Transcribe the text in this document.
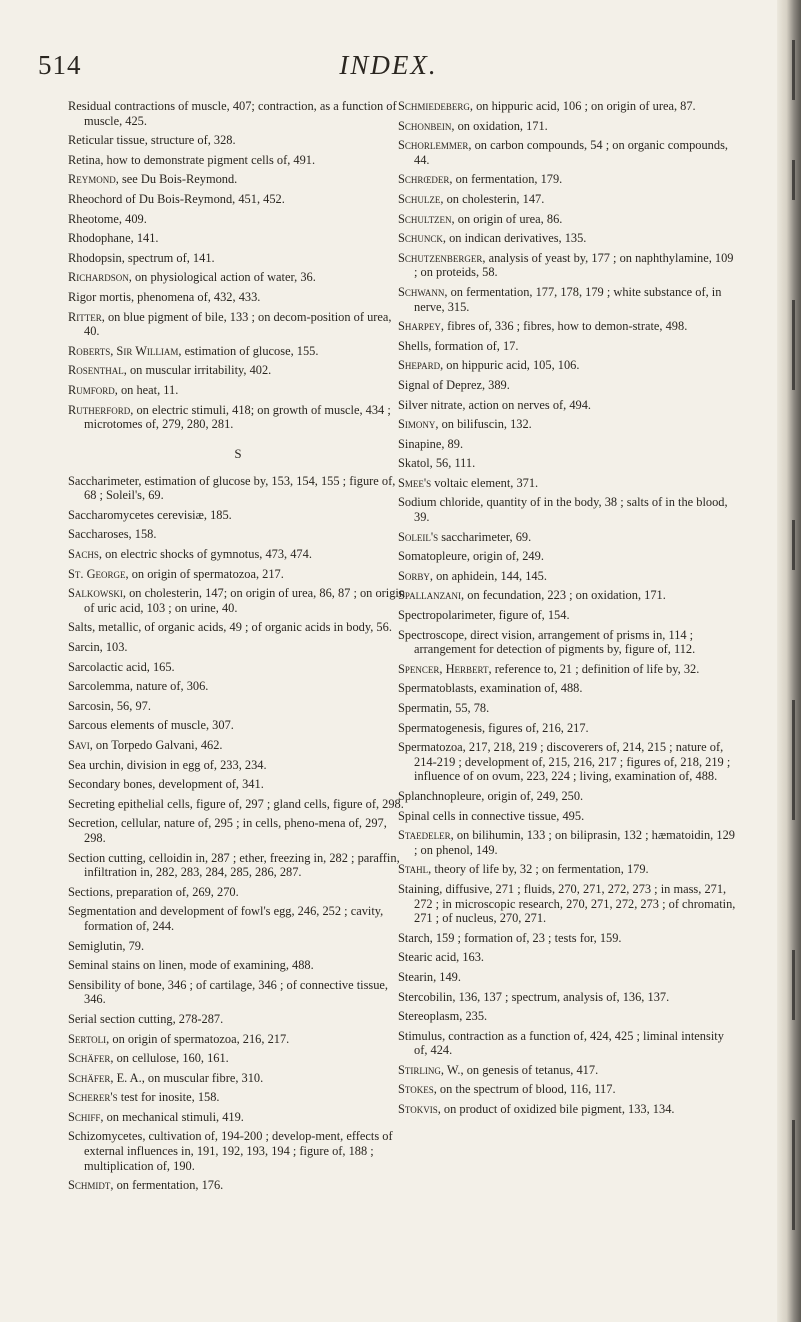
514	INDEX.

Residual contractions of muscle, 407; contraction, as a function of muscle, 425.

Reticular tissue, structure of, 328.

Retina, how to demonstrate pigment cells of, 491.

Reymond, see Du Bois-Reymond.

Rheochord of Du Bois-Reymond, 451, 452.

Rheotome, 409.

Rhodophane, 141.

Rhodopsin, spectrum of, 141.

Richardson, on physiological action of water, 36.

Rigor mortis, phenomena of, 432, 433.

Ritter, on blue pigment of bile, 133 ; on decom-position of urea, 40.

Roberts, Sir William, estimation of glucose, 155.

Rosenthal, on muscular irritability, 402.

Rumford, on heat, 11.

Rutherford, on electric stimuli, 418; on growth of muscle, 434 ; microtomes of, 279, 280, 281.

S

Saccharimeter, estimation of glucose by, 153, 154, 155 ; figure of, 68 ; Soleil's, 69.

Saccharomycetes cerevisiæ, 185.

Saccharoses, 158.

Sachs, on electric shocks of gymnotus, 473, 474.

St. George, on origin of spermatozoa, 217.

Salkowski, on cholesterin, 147; on origin of urea, 86, 87 ; on origin of uric acid, 103 ; on urine, 40.

Salts, metallic, of organic acids, 49 ; of organic acids in body, 56.

Sarcin, 103.

Sarcolactic acid, 165.

Sarcolemma, nature of, 306.

Sarcosin, 56, 97.

Sarcous elements of muscle, 307.

Savi, on Torpedo Galvani, 462.

Sea urchin, division in egg of, 233, 234.

Secondary bones, development of, 341.

Secreting epithelial cells, figure of, 297 ; gland cells, figure of, 298.

Secretion, cellular, nature of, 295 ; in cells, pheno-mena of, 297, 298.

Section cutting, celloidin in, 287 ; ether, freezing in, 282 ; paraffin, infiltration in, 282, 283, 284, 285, 286, 287.

Sections, preparation of, 269, 270.

Segmentation and development of fowl's egg, 246, 252 ; cavity, formation of, 244.

Semiglutin, 79.

Seminal stains on linen, mode of examining, 488.

Sensibility of bone, 346 ; of cartilage, 346 ; of connective tissue, 346.

Serial section cutting, 278-287.

Sertoli, on origin of spermatozoa, 216, 217.

Schäfer, on cellulose, 160, 161.

Schäfer, E. A., on muscular fibre, 310.

Scherer's test for inosite, 158.

Schiff, on mechanical stimuli, 419.

Schizomycetes, cultivation of, 194-200 ; develop-ment, effects of external influences in, 191, 192, 193, 194 ; figure of, 188 ; multiplication of, 190.

Schmidt, on fermentation, 176.

Schmiedeberg, on hippuric acid, 106 ; on origin of urea, 87.

Schonbein, on oxidation, 171.

Schorlemmer, on carbon compounds, 54 ; on organic compounds, 44.

Schrœder, on fermentation, 179.

Schulze, on cholesterin, 147.

Schultzen, on origin of urea, 86.

Schunck, on indican derivatives, 135.

Schutzenberger, analysis of yeast by, 177 ; on naphthylamine, 109 ; on proteids, 58.

Schwann, on fermentation, 177, 178, 179 ; white substance of, in nerve, 315.

Sharpey, fibres of, 336 ; fibres, how to demon-strate, 498.

Shells, formation of, 17.

Shepard, on hippuric acid, 105, 106.

Signal of Deprez, 389.

Silver nitrate, action on nerves of, 494.

Simony, on bilifuscin, 132.

Sinapine, 89.

Skatol, 56, 111.

Smee's voltaic element, 371.

Sodium chloride, quantity of in the body, 38 ; salts of in the blood, 39.

Soleil's saccharimeter, 69.

Somatopleure, origin of, 249.

Sorby, on aphidein, 144, 145.

Spallanzani, on fecundation, 223 ; on oxidation, 171.

Spectropolarimeter, figure of, 154.

Spectroscope, direct vision, arrangement of prisms in, 114 ; arrangement for detection of pigments by, figure of, 112.

Spencer, Herbert, reference to, 21 ; definition of life by, 32.

Spermatoblasts, examination of, 488.

Spermatin, 55, 78.

Spermatogenesis, figures of, 216, 217.

Spermatozoa, 217, 218, 219 ; discoverers of, 214, 215 ; nature of, 214-219 ; development of, 215, 216, 217 ; figures of, 218, 219 ; influence of on ovum, 223, 224 ; living, examination of, 488.

Splanchnopleure, origin of, 249, 250.

Spinal cells in connective tissue, 495.

Staedeler, on bilihumin, 133 ; on biliprasin, 132 ; hæmatoidin, 129 ; on phenol, 149.

Stahl, theory of life by, 32 ; on fermentation, 179.

Staining, diffusive, 271 ; fluids, 270, 271, 272, 273 ; in mass, 271, 272 ; in microscopic research, 270, 271, 272, 273 ; of chromatin, 271 ; of nucleus, 270, 271.

Starch, 159 ; formation of, 23 ; tests for, 159.

Stearic acid, 163.

Stearin, 149.

Stercobilin, 136, 137 ; spectrum, analysis of, 136, 137.

Stereoplasm, 235.

Stimulus, contraction as a function of, 424, 425 ; liminal intensity of, 424.

Stirling, W., on genesis of tetanus, 417.

Stokes, on the spectrum of blood, 116, 117.

Stokvis, on product of oxidized bile pigment, 133, 134.
